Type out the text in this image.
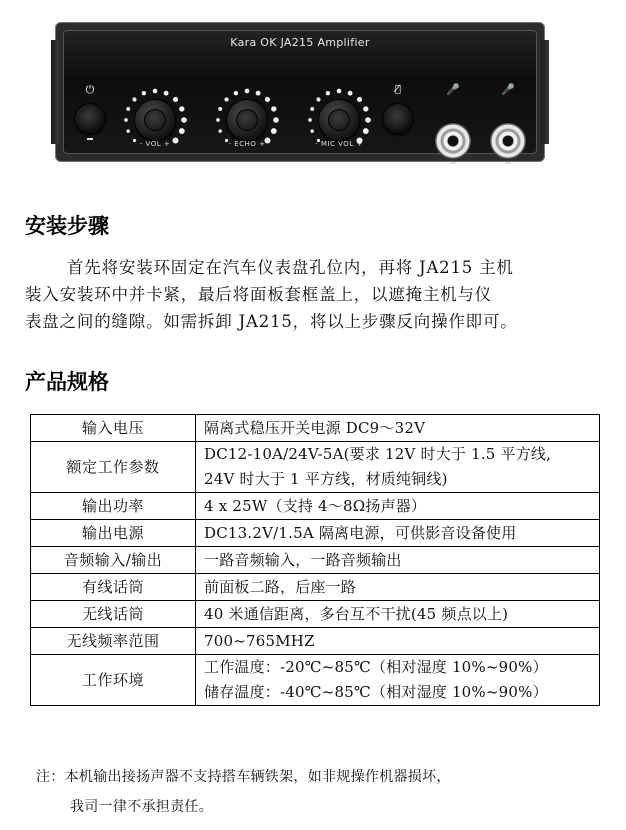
Kara OK JA215 Amplifier
⏻
- VOL +	- ECHO +	- MIC VOL +
🎙̸	🎤	🎤
安装步骤
首先将安装环固定在汽车仪表盘孔位内，再将 JA215 主机
装入安装环中并卡紧，最后将面板套框盖上，以遮掩主机与仪
表盘之间的缝隙。如需拆卸 JA215，将以上步骤反向操作即可。
产品规格
输入电压	隔离式稳压开关电源 DC9～32V
额定工作参数	DC12-10A/24V-5A(要求 12V 时大于 1.5 平方线,
24V 时大于 1 平方线，材质纯铜线)

输出功率	4 x 25W（支持 4～8Ω扬声器）
输出电源	DC13.2V/1.5A 隔离电源，可供影音设备使用
音频输入/输出	一路音频输入，一路音频输出
有线话筒	前面板二路，后座一路
无线话筒	40 米通信距离，多台互不干扰(45 频点以上)
无线频率范围	700~765MHZ
工作环境	工作温度：-20℃~85℃（相对湿度 10%~90%）
储存温度：-40℃~85℃（相对湿度 10%~90%）
注：本机输出接扬声器不支持搭车辆铁架，如非规操作机器损坏，
我司一律不承担责任。
